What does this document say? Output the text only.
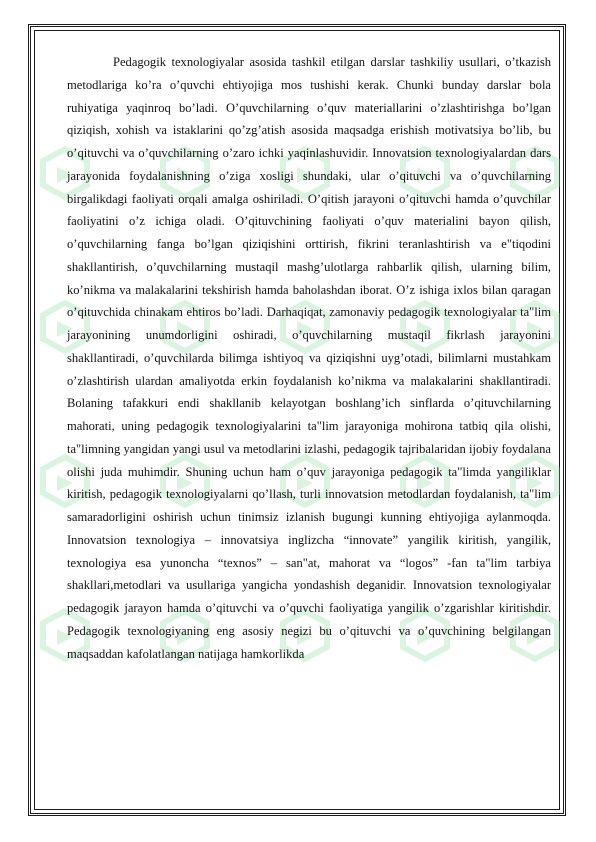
Pedagogik texnologiyalar asosida tashkil etilgan darslar tashkiliy usullari, o’tkazish metodlariga ko’ra o’quvchi ehtiyojiga mos tushishi kerak. Chunki bunday darslar bola ruhiyatiga yaqinroq bo’ladi. O’quvchilarning o’quv materiallarini o’zlashtirishga bo’lgan qiziqish, xohish va istaklarini qo’zg’atish asosida maqsadga erishish motivatsiya bo’lib, bu o’qituvchi va o’quvchilarning o’zaro ichki yaqinlashuvidir. Innovatsion texnologiyalardan dars jarayonida foydalanishning o’ziga xosligi shundaki, ular o’qituvchi va o’quvchilarning birgalikdagi faoliyati orqali amalga oshiriladi. O’qitish jarayoni o’qituvchi hamda o’quvchilar faoliyatini o’z ichiga oladi. O’qituvchining faoliyati o’quv materialini bayon qilish, o’quvchilarning fanga bo’lgan qiziqishini orttirish, fikrini teranlashtirish va e"tiqodini shakllantirish, o’quvchilarning mustaqil mashg’ulotlarga rahbarlik qilish, ularning bilim, ko’nikma va malakalarini tekshirish hamda baholashdan iborat. O’z ishiga ixlos bilan qaragan o’qituvchida chinakam ehtiros bo’ladi. Darhaqiqat, zamonaviy pedagogik texnologiyalar ta"lim jarayonining unumdorligini oshiradi, o’quvchilarning mustaqil fikrlash jarayonini shakllantiradi, o’quvchilarda bilimga ishtiyoq va qiziqishni uyg’otadi, bilimlarni mustahkam o’zlashtirish ulardan amaliyotda erkin foydalanish ko’nikma va malakalarini shakllantiradi. Bolaning tafakkuri endi shakllanib kelayotgan boshlang’ich sinflarda o’qituvchilarning mahorati, uning pedagogik texnologiyalarini ta"lim jarayoniga mohirona tatbiq qila olishi, ta"limning yangidan yangi usul va metodlarini izlashi, pedagogik tajribalaridan ijobiy foydalana olishi juda muhimdir. Shuning uchun ham o’quv jarayoniga pedagogik ta"limda yangiliklar kiritish, pedagogik texnologiyalarni qo’llash, turli innovatsion metodlardan foydalanish, ta"lim samaradorligini oshirish uchun tinimsiz izlanish bugungi kunning ehtiyojiga aylanmoqda. Innovatsion texnologiya – innovatsiya inglizcha “innovate” yangilik kiritish, yangilik, texnologiya esa yunoncha “texnos” – san"at, mahorat va “logos” -fan ta"lim tarbiya shakllari,metodlari va usullariga yangicha yondashish deganidir. Innovatsion texnologiyalar pedagogik jarayon hamda o’qituvchi va o’quvchi faoliyatiga yangilik o’zgarishlar kiritishdir. Pedagogik texnologiyaning eng asosiy negizi bu o’qituvchi va o’quvchining belgilangan maqsaddan kafolatlangan natijaga hamkorlikda
